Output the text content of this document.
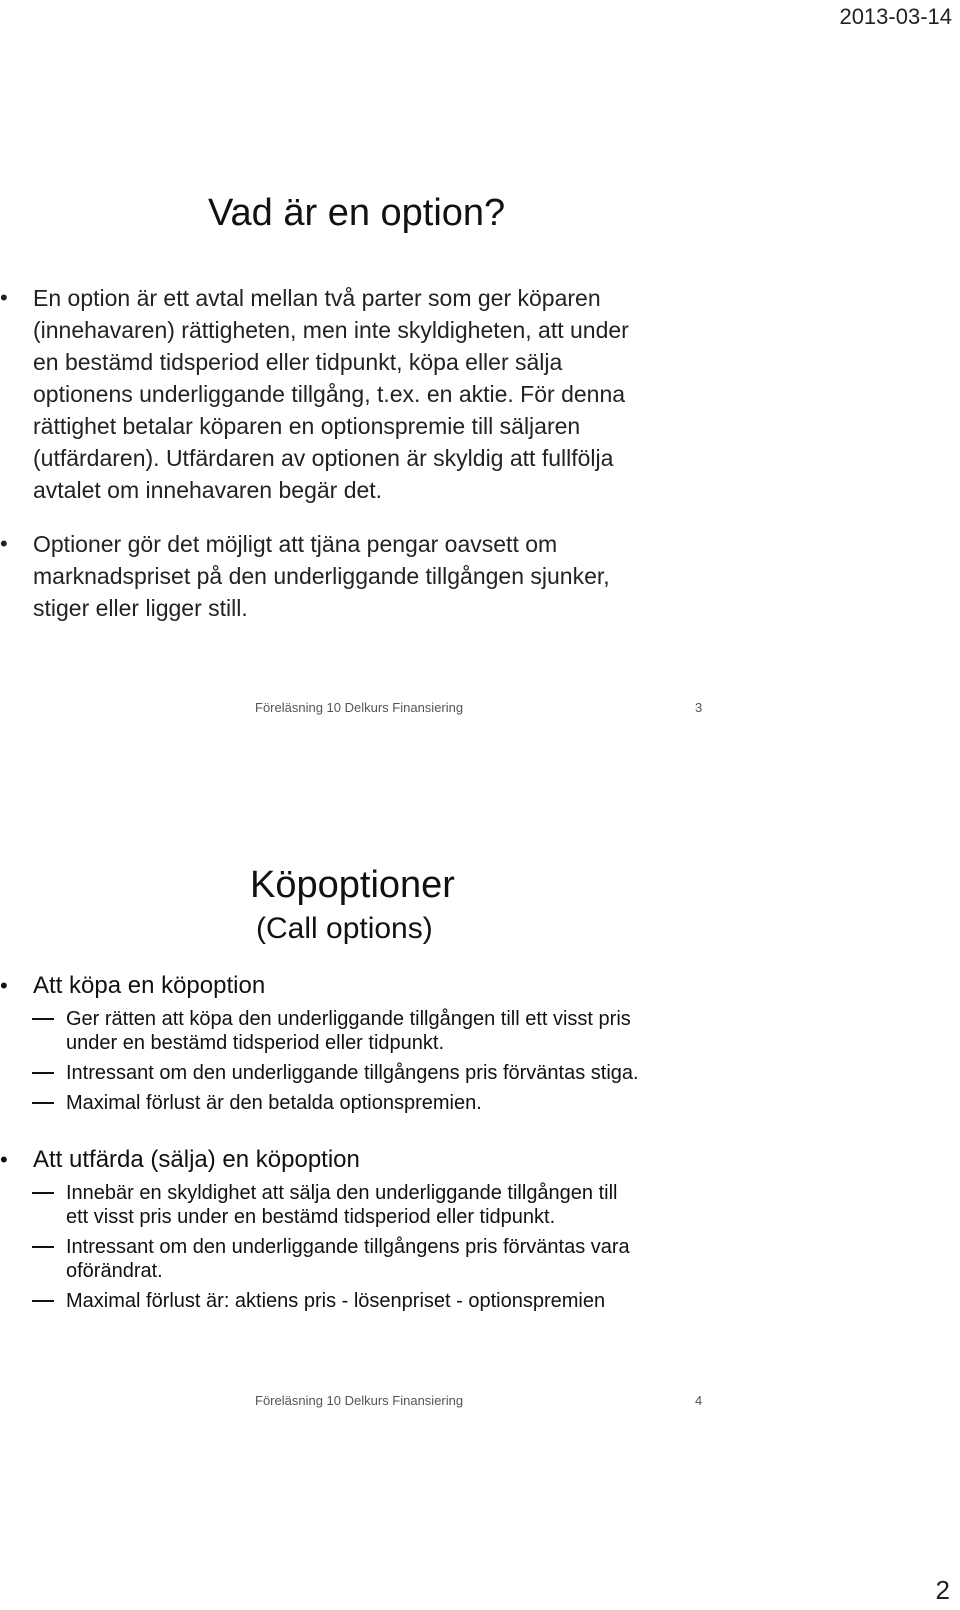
2013-03-14
Vad är en option?
• En option är ett avtal mellan två parter som ger köparen
(innehavaren) rättigheten, men inte skyldigheten, att under
en bestämd tidsperiod eller tidpunkt, köpa eller sälja
optionens underliggande tillgång, t.ex. en aktie. För denna
rättighet betalar köparen en optionspremie till säljaren
(utfärdaren). Utfärdaren av optionen är skyldig att fullfölja
avtalet om innehavaren begär det.
• Optioner gör det möjligt att tjäna pengar oavsett om
marknadspriset på den underliggande tillgången sjunker,
stiger eller ligger still.
Föreläsning 10 Delkurs Finansiering	3
Köpoptioner
(Call options)
• Att köpa en köpoption
Ger rätten att köpa den underliggande tillgången till ett visst pris
under en bestämd tidsperiod eller tidpunkt.
Intressant om den underliggande tillgångens pris förväntas stiga.
Maximal förlust är den betalda optionspremien.
• Att utfärda (sälja) en köpoption
Innebär en skyldighet att sälja den underliggande tillgången till
ett visst pris under en bestämd tidsperiod eller tidpunkt.
Intressant om den underliggande tillgångens pris förväntas vara
oförändrat.
Maximal förlust är: aktiens pris - lösenpriset - optionspremien
Föreläsning 10 Delkurs Finansiering	4
2
